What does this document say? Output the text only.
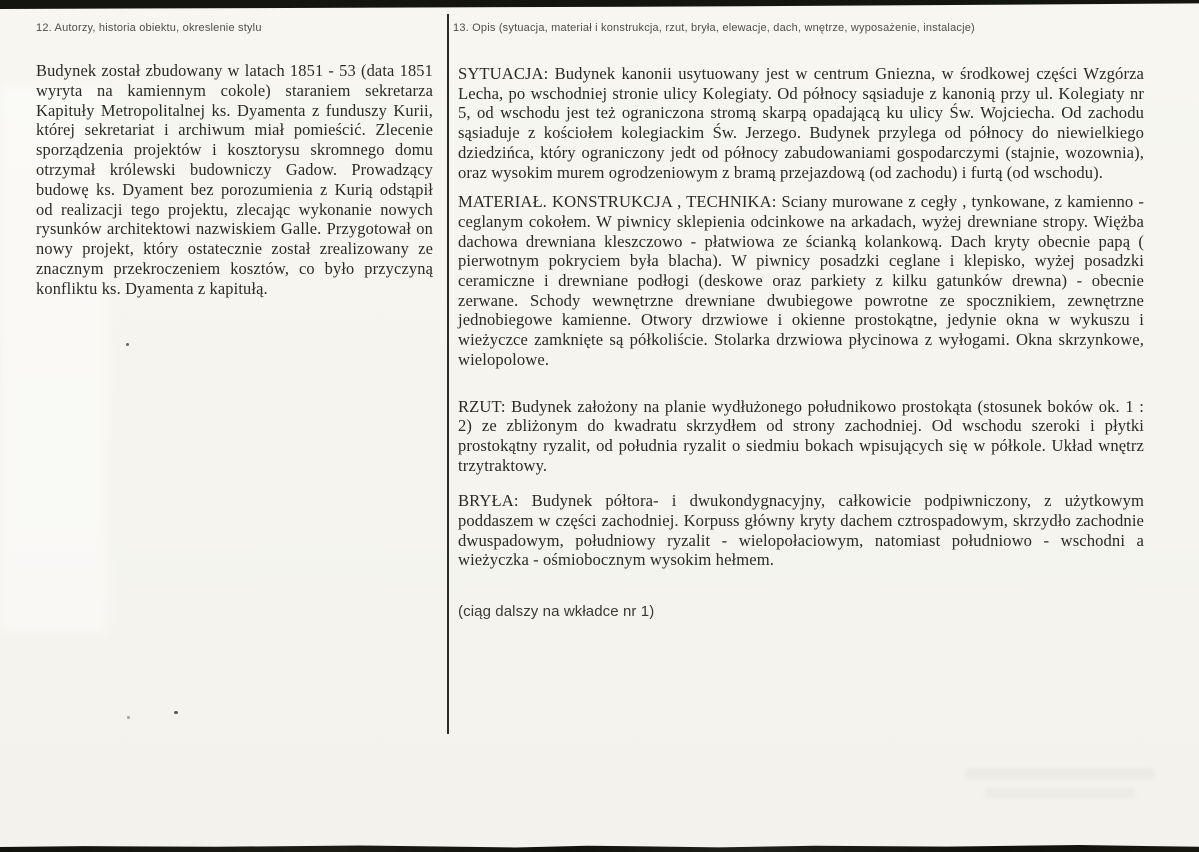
12. Autorzy, historia obiektu, okreslenie stylu	13. Opis (sytuacja, materiał i konstrukcja, rzut, bryła, elewacje, dach, wnętrze, wyposażenie, instalacje)

Budynek został zbudowany w latach 1851 - 53 (data 1851 wyryta na kamiennym cokole) staraniem sekretarza Kapituły Metropolitalnej ks. Dyamenta z funduszy Kurii, której sekretariat i archiwum miał pomieścić. Zlecenie sporządzenia projektów i kosztorysu skromnego domu otrzymał królewski budowniczy Gadow. Prowadzący budowę ks. Dyament bez porozumienia z Kurią odstąpił od realizacji tego projektu, zlecając wykonanie nowych rysunków architektowi nazwiskiem Galle. Przygotował on nowy projekt, który ostatecznie został zrealizowany ze znacznym przekroczeniem kosztów, co było przyczyną konfliktu ks. Dyamenta z kapitułą.

SYTUACJA: Budynek kanonii usytuowany jest w centrum Gniezna, w środkowej części Wzgórza Lecha, po wschodniej stronie ulicy Kolegiaty. Od północy sąsiaduje z kanonią przy ul. Kolegiaty nr 5, od wschodu jest też ograniczona stromą skarpą opadającą ku ulicy Św. Wojciecha. Od zachodu sąsiaduje z kościołem kolegiackim Św. Jerzego. Budynek przylega od północy do niewielkiego dziedzińca, który ograniczony jedt od północy zabudowaniami gospodarczymi (stajnie, wozownia), oraz wysokim murem ogrodzeniowym z bramą przejazdową (od zachodu) i furtą (od wschodu).

MATERIAŁ. KONSTRUKCJA , TECHNIKA: Sciany murowane z cegły , tynkowane, z kamienno - ceglanym cokołem. W piwnicy sklepienia odcinkowe na arkadach, wyżej drewniane stropy. Więżba dachowa drewniana kleszczowo - płatwiowa ze ścianką kolankową. Dach kryty obecnie papą ( pierwotnym pokryciem była blacha). W piwnicy posadzki ceglane i klepisko, wyżej posadzki ceramiczne i drewniane podłogi (deskowe oraz parkiety z kilku gatunków drewna) - obecnie zerwane. Schody wewnętrzne drewniane dwubiegowe powrotne ze spocznikiem, zewnętrzne jednobiegowe kamienne. Otwory drzwiowe i okienne prostokątne, jedynie okna w wykuszu i wieżyczce zamknięte są półkoliście. Stolarka drzwiowa płycinowa z wyłogami. Okna skrzynkowe, wielopolowe.

RZUT: Budynek założony na planie wydłużonego południkowo prostokąta (stosunek boków ok. 1 : 2) ze zbliżonym do kwadratu skrzydłem od strony zachodniej. Od wschodu szeroki i płytki prostokątny ryzalit, od południa ryzalit o siedmiu bokach wpisujących się w półkole. Układ wnętrz trzytraktowy.

BRYŁA: Budynek półtora- i dwukondygnacyjny, całkowicie podpiwniczony, z użytkowym poddaszem w części zachodniej. Korpuss główny kryty dachem cztrospadowym, skrzydło zachodnie dwuspadowym, południowy ryzalit - wielopołaciowym, natomiast południowo - wschodni a wieżyczka - ośmiobocznym wysokim hełmem.

(ciąg dalszy na wkładce nr 1)
